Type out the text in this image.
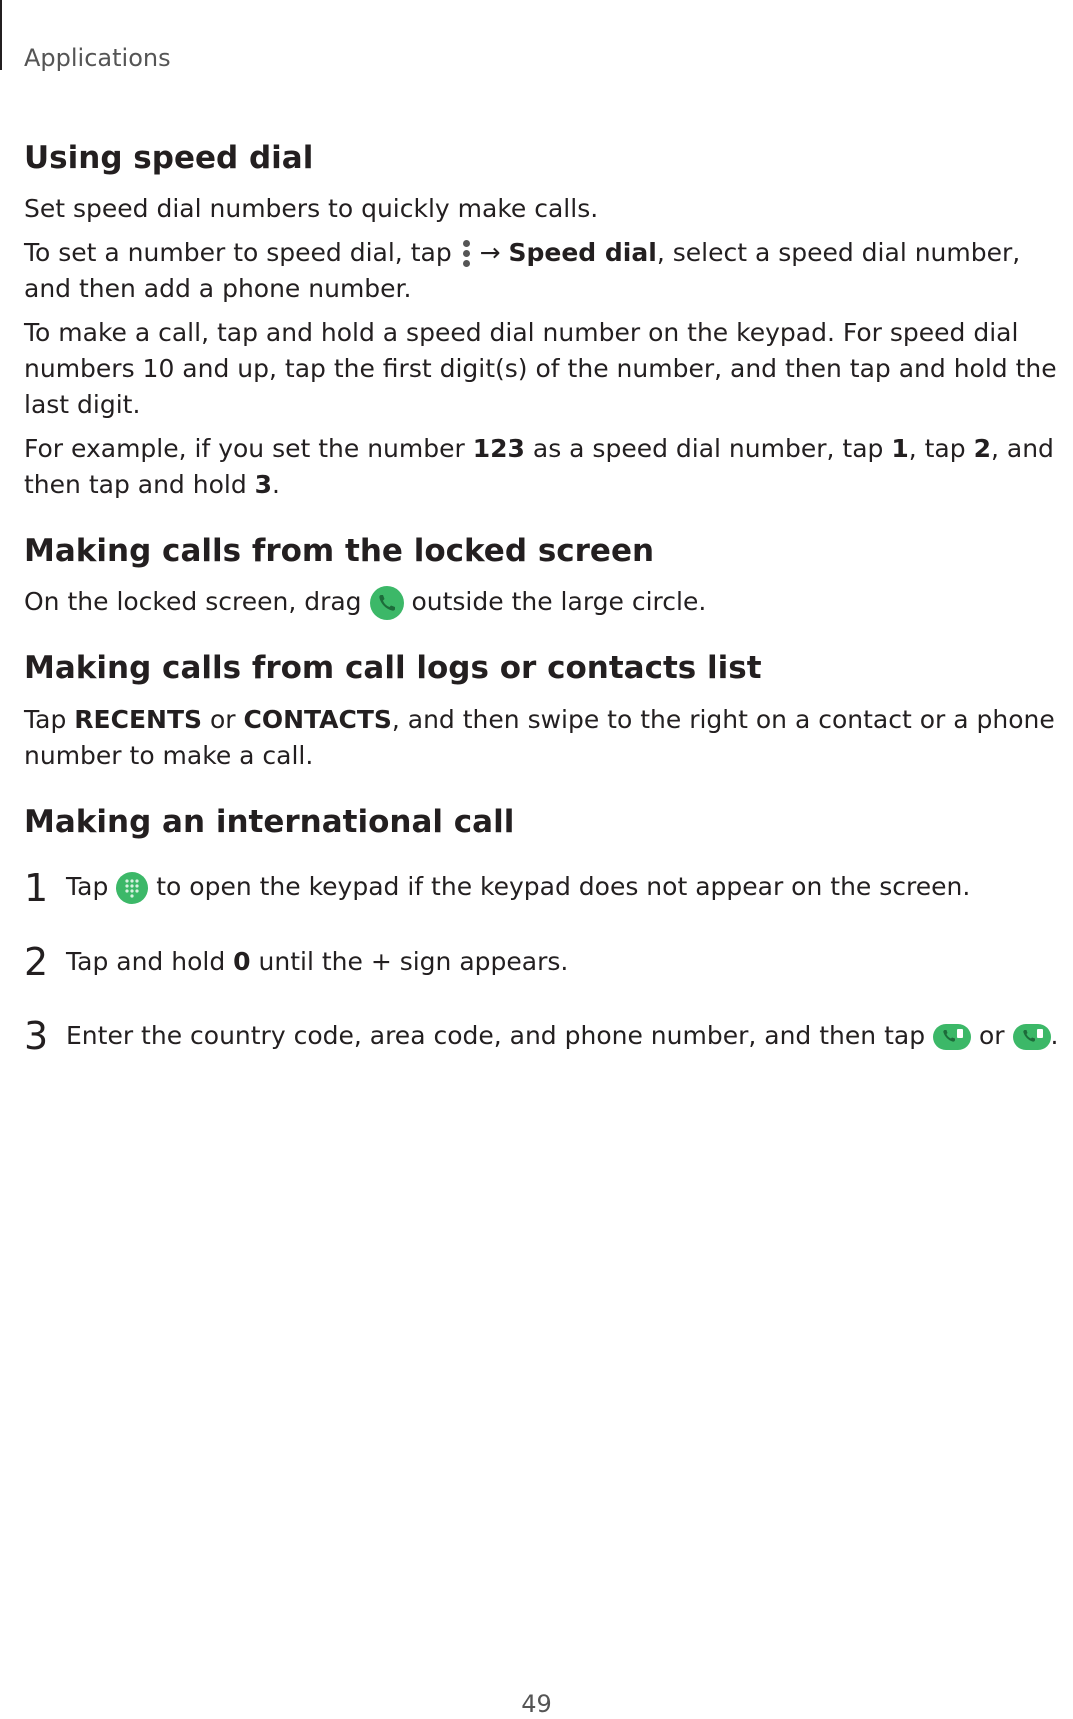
Applications
Using speed dial

Set speed dial numbers to quickly make calls.

To set a number to speed dial, tap → Speed dial, select a speed dial number, and then add a phone number.

To make a call, tap and hold a speed dial number on the keypad. For speed dial numbers 10 and up, tap the first digit(s) of the number, and then tap and hold the last digit.

For example, if you set the number 123 as a speed dial number, tap 1, tap 2, and then tap and hold 3.

Making calls from the locked screen

On the locked screen, drag outside the large circle.

Making calls from call logs or contacts list

Tap RECENTS or CONTACTS, and then swipe to the right on a contact or a phone number to make a call.

Making an international call
1 Tap to open the keypad if the keypad does not appear on the screen.
2 Tap and hold 0 until the + sign appears.
3 Enter the country code, area code, and phone number, and then tap or .
49
